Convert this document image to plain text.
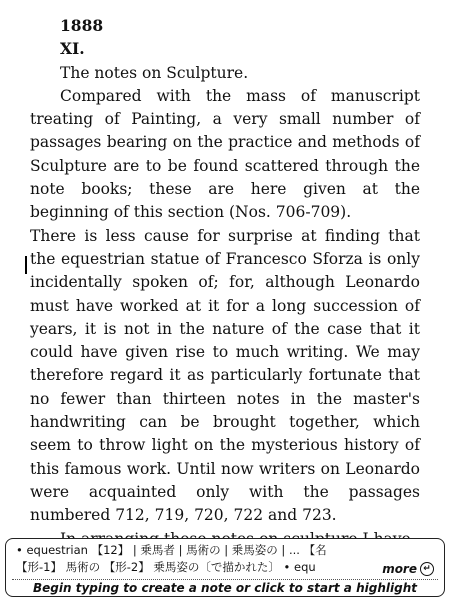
1888
XI.
The notes on Sculpture.

Compared with the mass of manuscript treating of Painting, a very small number of passages bearing on the practice and methods of Sculpture are to be found scattered through the note books; these are here given at the beginning of this section (Nos. 706-709).

There is less cause for surprise at finding that the equestrian statue of Francesco Sforza is only incidentally spoken of; for, although Leonardo must have worked at it for a long succession of years, it is not in the nature of the case that it could have given rise to much writing. We may therefore regard it as particularly fortunate that no fewer than thirteen notes in the master's handwriting can be brought together, which seem to throw light on the mysterious history of this famous work. Until now writers on Leonardo were acquainted only with the passages numbered 712, 719, 720, 722 and 723.

• equestrian 【12】 | 乗馬者 | 馬術の | 乗馬姿の | ... 【名
【形-1】 馬術の 【形-2】 乗馬姿の〔で描かれた〕 • equ	more ↵
Begin typing to create a note or click to start a highlight
